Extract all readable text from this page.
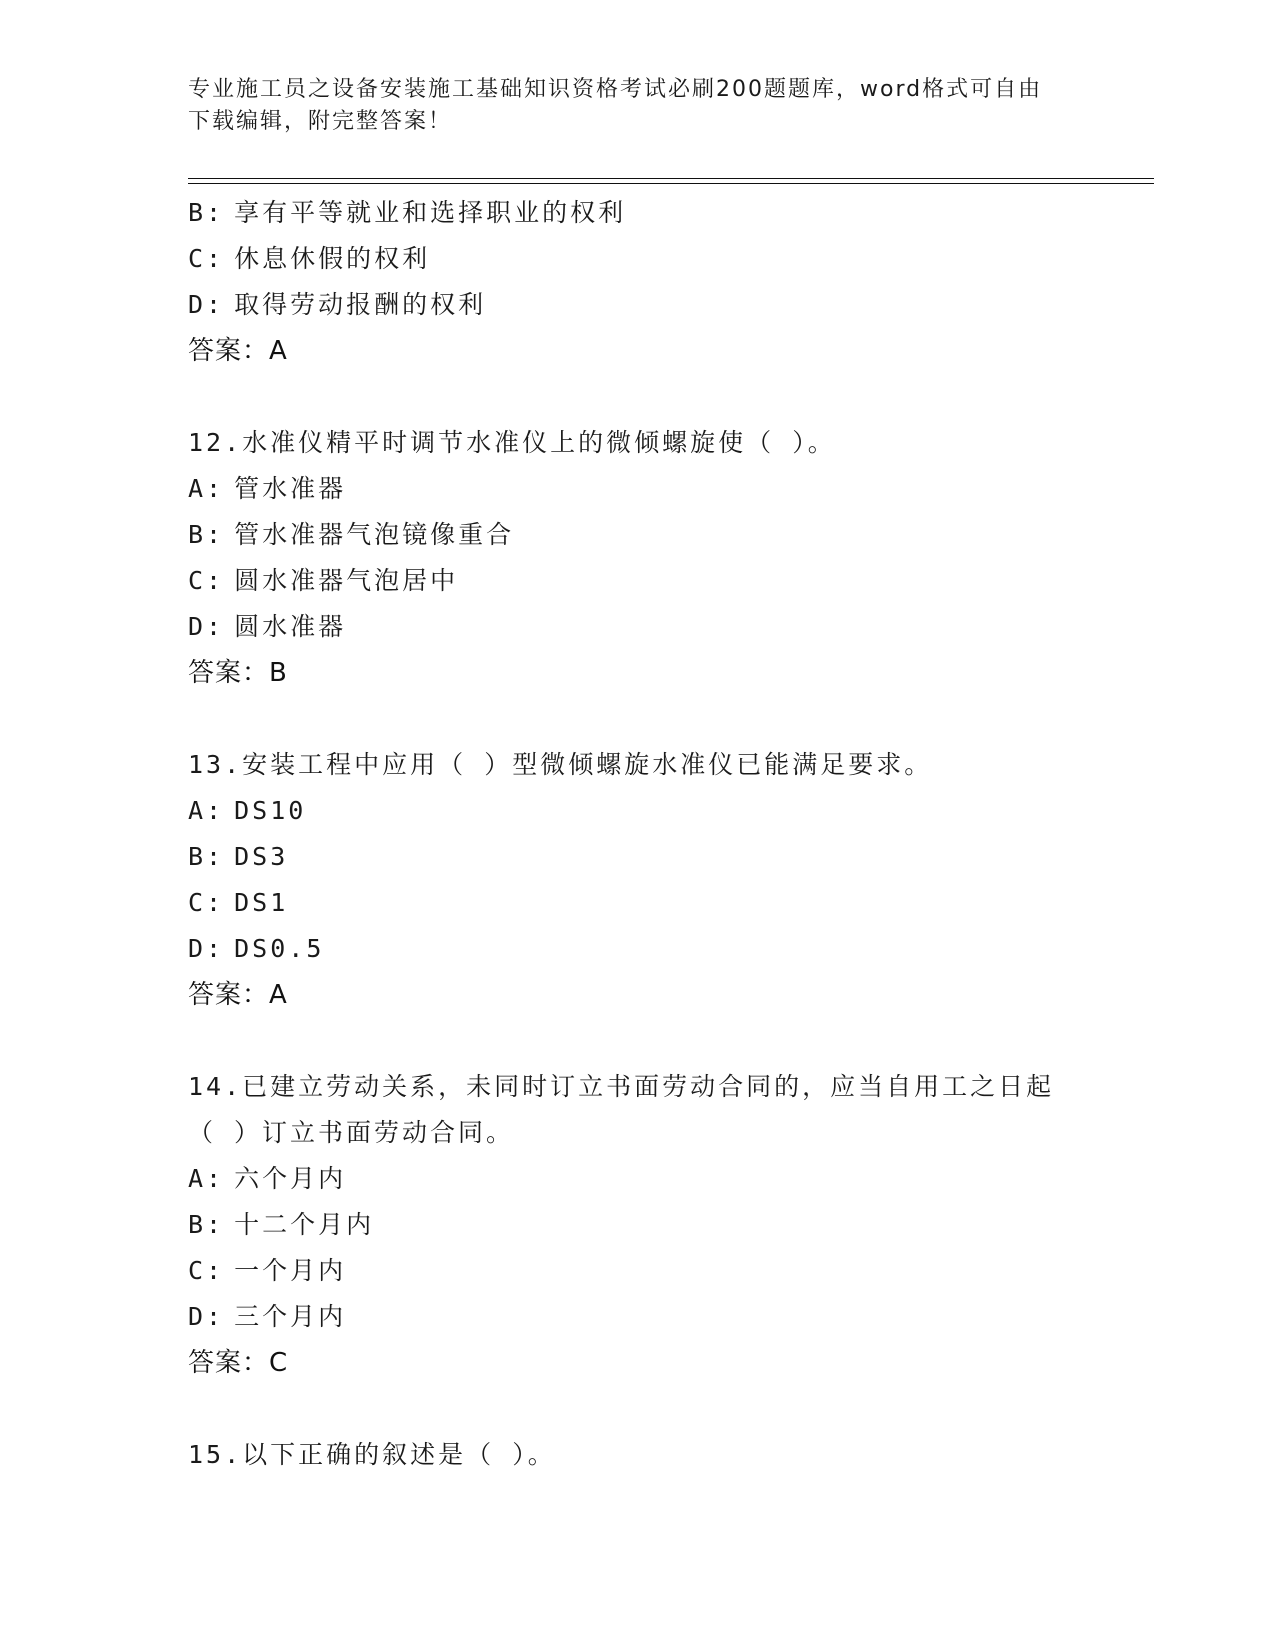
专业施工员之设备安装施工基础知识资格考试必刷200题题库，word格式可自由
下载编辑，附完整答案！
B: 享有平等就业和选择职业的权利
C: 休息休假的权利
D: 取得劳动报酬的权利
答案：A
12.水准仪精平时调节水准仪上的微倾螺旋使（ ）。
A: 管水准器
B: 管水准器气泡镜像重合
C: 圆水准器气泡居中
D: 圆水准器
答案：B
13.安装工程中应用（ ）型微倾螺旋水准仪已能满足要求。
A: DS10
B: DS3
C: DS1
D: DS0.5
答案：A
14.已建立劳动关系，未同时订立书面劳动合同的，应当自用工之日起
（ ）订立书面劳动合同。
A: 六个月内
B: 十二个月内
C: 一个月内
D: 三个月内
答案：C
15.以下正确的叙述是（ ）。
